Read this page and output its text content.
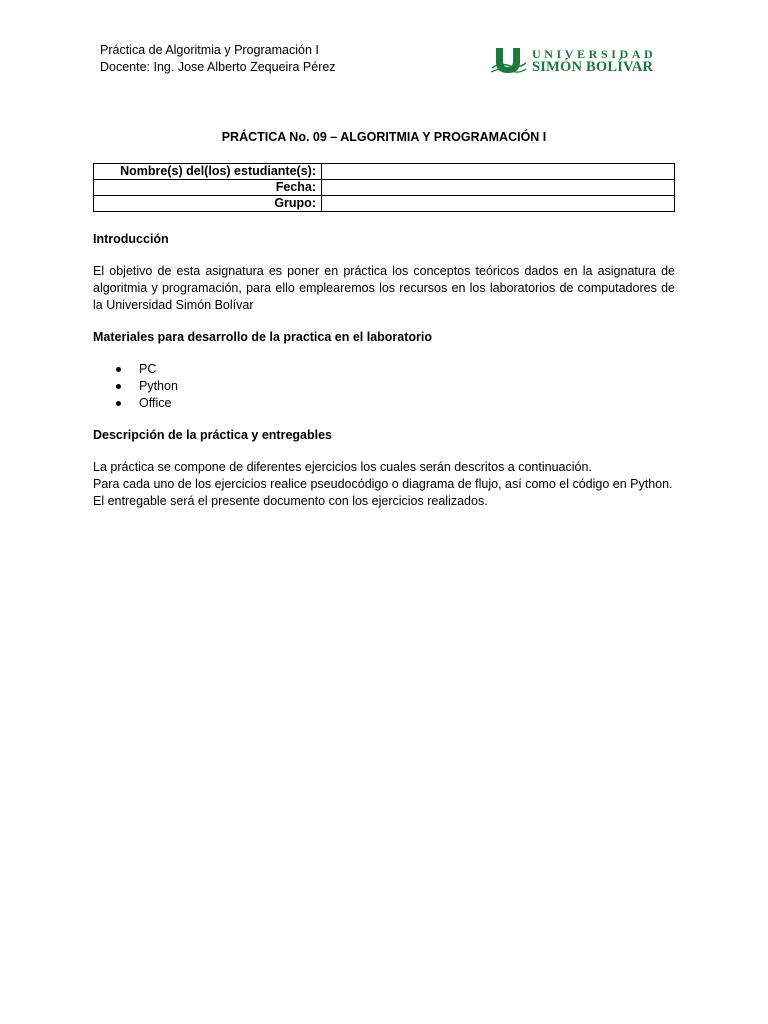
Práctica de Algoritmia y Programación I
Docente: Ing. Jose Alberto Zequeira Pérez
UNIVERSIDAD
SIMÓN BOLÍVAR
PRÁCTICA No. 09 – ALGORITMIA Y PROGRAMACIÓN I
Nombre(s) del(los) estudiante(s):	
Fecha:	
Grupo:	
Introducción

El objetivo de esta asignatura es poner en práctica los conceptos teóricos dados en la asignatura de algoritmia y programación, para ello emplearemos los recursos en los laboratorios de computadores de la Universidad Simón Bolívar

Materiales para desarrollo de la practica en el laboratorio
PC
Python
Office
Descripción de la práctica y entregables

La práctica se compone de diferentes ejercicios los cuales serán descritos a continuación.

Para cada uno de los ejercicios realice pseudocódigo o diagrama de flujo, así como el código en Python.

El entregable será el presente documento con los ejercicios realizados.
